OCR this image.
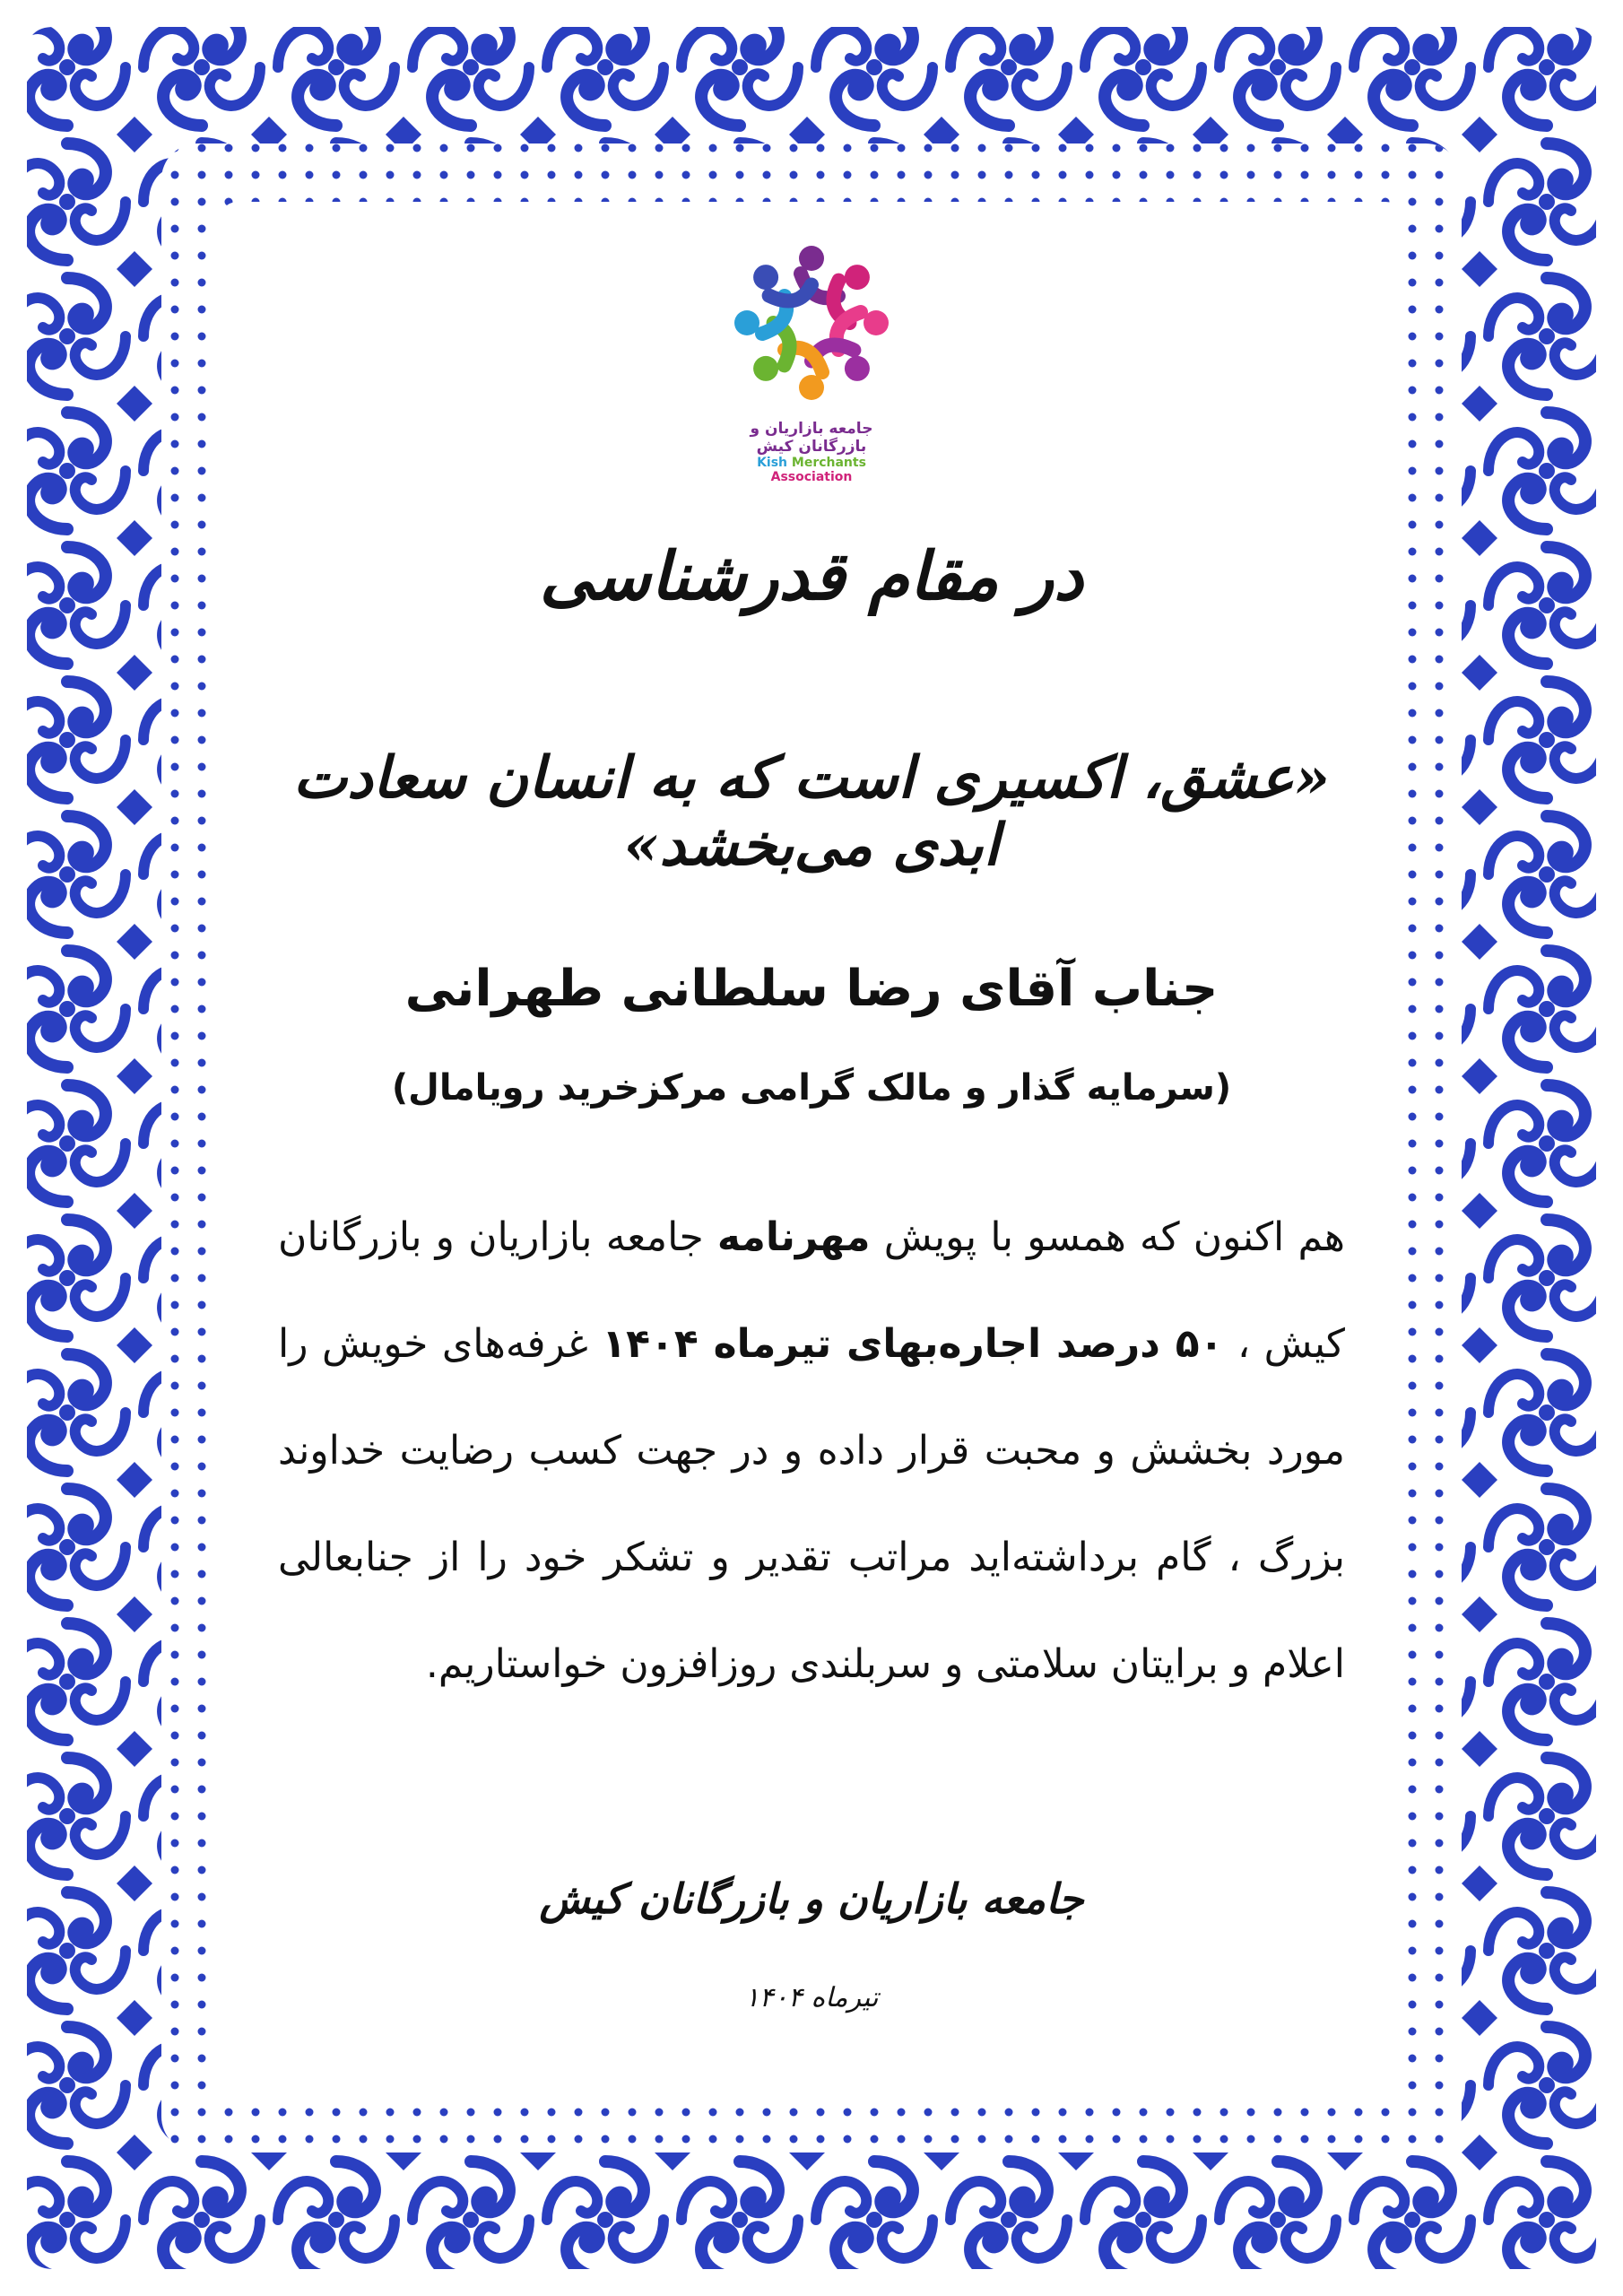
جامعه بازاریان و بازرگانان کیش
Kish Merchants Association
در مقام قدرشناسی
«عشق، اکسیری است که به انسان سعادت ابدی می‌بخشد»
جناب آقای رضا سلطانی طهرانی
(سرمایه گذار و مالک گرامی مرکزخرید رویامال)
هم اکنون که همسو با پویش مهرنامه جامعه بازاریان و بازرگانان کیش ، ۵۰ درصد اجاره‌بهای تیرماه ۱۴۰۴ غرفه‌های خویش را مورد بخشش و محبت قرار داده و در جهت کسب رضایت خداوند بزرگ ، گام برداشته‌اید مراتب تقدیر و تشکر خود را از جنابعالی اعلام و برایتان سلامتی و سربلندی روزافزون خواستاریم.
جامعه بازاریان و بازرگانان کیش
تیرماه ۱۴۰۴
